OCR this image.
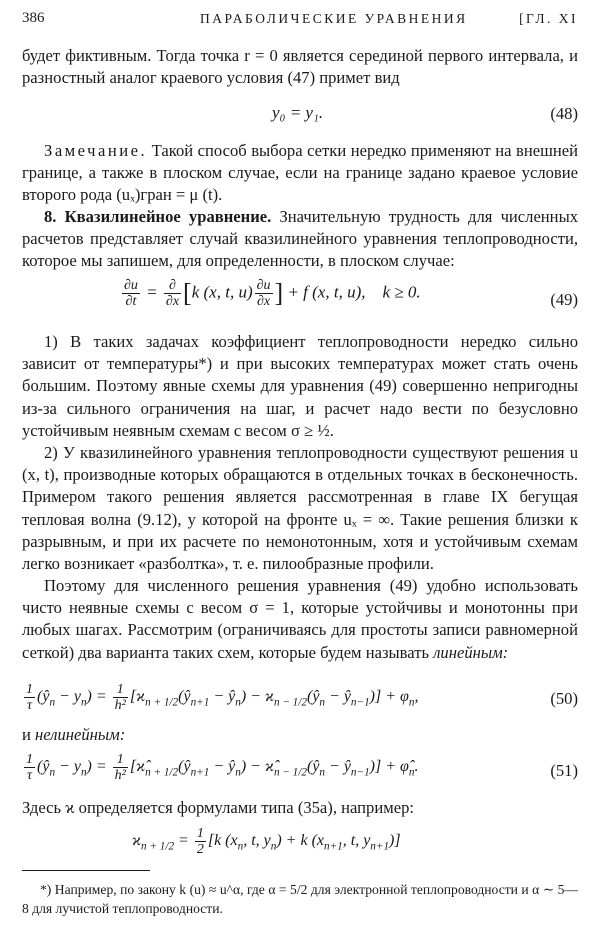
386	ПАРАБОЛИЧЕСКИЕ УРАВНЕНИЯ	[ГЛ. XI
будет фиктивным. Тогда точка r = 0 является серединой первого интервала, и разностный аналог краевого условия (47) примет вид
y₀ = y₁.	(48)
Замечание. Такой способ выбора сетки нередко применяют на внешней границе, а также в плоском случае, если на границе задано краевое условие второго рода (uₓ)гран = μ (t).
8. Квазилинейное уравнение. Значительную трудность для численных расчетов представляет случай квазилинейного уравнения теплопроводности, которое мы запишем, для определенности, в плоском случае:
$\frac{\partial u}{\partial t} = \frac{\partial}{\partial x} [k$ (x, t, $u) \frac{\partial u}{\partial x}$ ] + f (x, t, u),    k ≥ 0.	(49)
1) В таких задачах коэффициент теплопроводности нередко сильно зависит от температуры*) и при высоких температурах может стать очень большим. Поэтому явные схемы для уравнения (49) совершенно непригодны из-за сильного ограничения на шаг, и расчет надо вести по безусловно устойчивым неявным схемам с весом σ ≥ ½.
2) У квазилинейного уравнения теплопроводности существуют решения u (x, t), производные которых обращаются в отдельных точках в бесконечность. Примером такого решения является рассмотренная в главе IX бегущая тепловая волна (9.12), у которой на фронте uₓ = ∞. Такие решения близки к разрывным, и при их расчете по немонотонным, хотя и устойчивым схемам легко возникает «разболтка», т. е. пилообразные профили.
Поэтому для численного решения уравнения (49) удобно использовать чисто неявные схемы с весом σ = 1, которые устойчивы и монотонны при любых шагах. Рассмотрим (ограничиваясь для простоты записи равномерной сеткой) два варианта таких схем, которые будем называть линейным:
$\frac{1}{\tau}$ $(ŷ_n - y_n) = \frac{1}{\text{h²}}$ [$ϰ_{n + 1/2}(ŷ_{n+1}$ − $ŷ_n$) − $ϰ_{n - 1/2}(ŷ_n$ − $ŷ_{n-1})] + \varphi_n$,	(50)
и нелинейным:
$\frac{1}{\tau}$ $(ŷ_n - y_n) = \frac{1}{\text{h²}}$ [$ϰ̂_{n + 1/2}(ŷ_{n+1}$ − $ŷ_n$) − $ϰ̂_{n - 1/2}(ŷ_n$ − $ŷ_{n-1}$)] + $\varphî_n$.	(51)
Здесь ϰ определяется формулами типа (35а), например:
$ϰ_{n + 1/2} = \frac{1}{2} [k$ ($x_n$, t, $y_n) + k$ ($x_{n+1}$, t, $y_{n+1}$)]
*) Например, по закону k (u) ≈ u^α, где α = 5/2 для электронной теплопроводности и α ∼ 5—8 для лучистой теплопроводности.
